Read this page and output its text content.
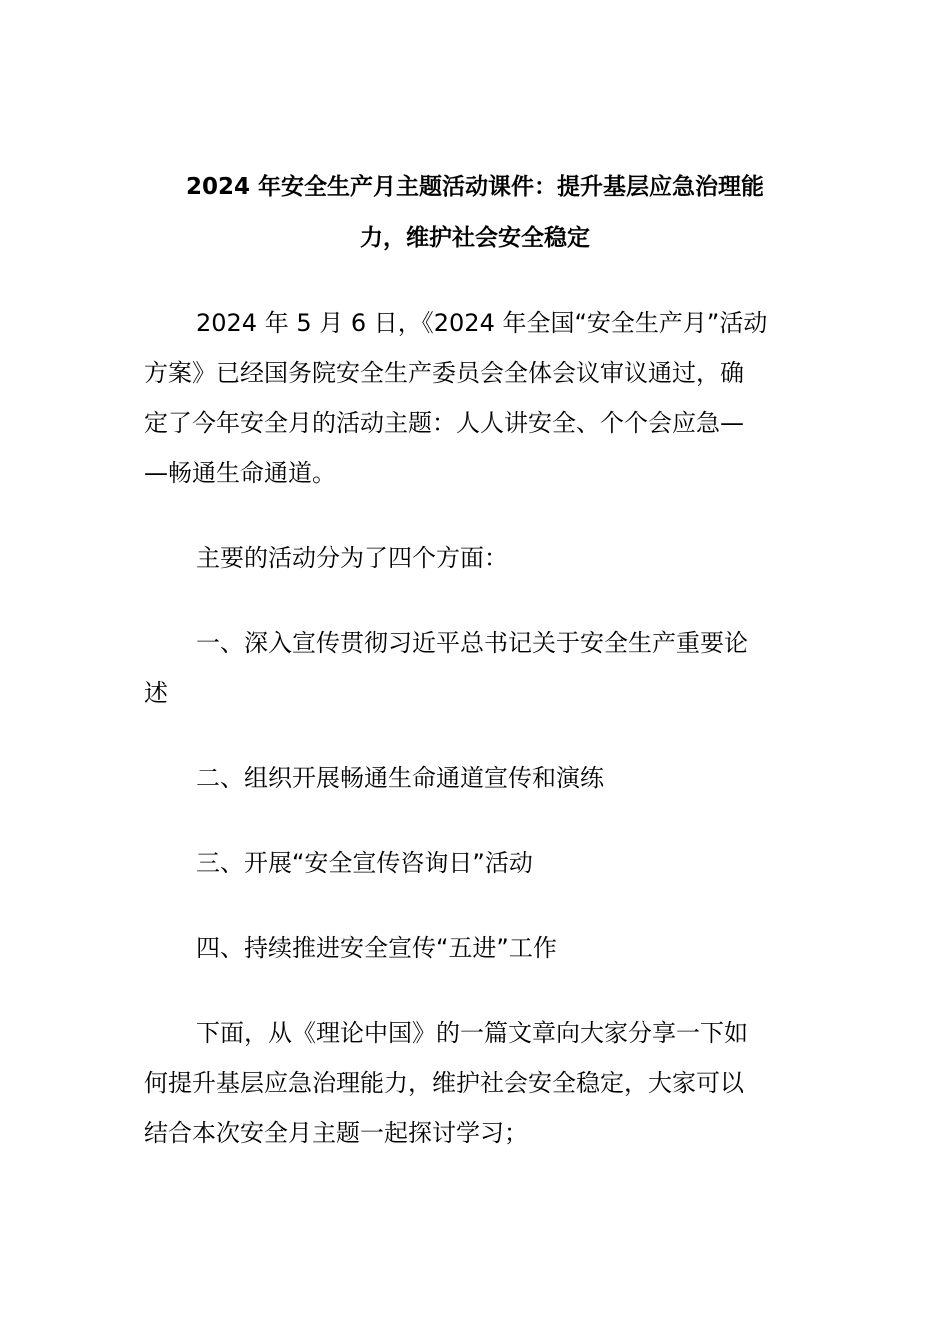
2024 年安全生产月主题活动课件：提升基层应急治理能
力，维护社会安全稳定
2024 年 5 月 6 日，《2024 年全国“安全生产月”活动
方案》已经国务院安全生产委员会全体会议审议通过，确
定了今年安全月的活动主题：人人讲安全、个个会应急—
—畅通生命通道。
主要的活动分为了四个方面：
一、深入宣传贯彻习近平总书记关于安全生产重要论
述
二、组织开展畅通生命通道宣传和演练
三、开展“安全宣传咨询日”活动
四、持续推进安全宣传“五进”工作
下面，从《理论中国》的一篇文章向大家分享一下如
何提升基层应急治理能力，维护社会安全稳定，大家可以
结合本次安全月主题一起探讨学习；
